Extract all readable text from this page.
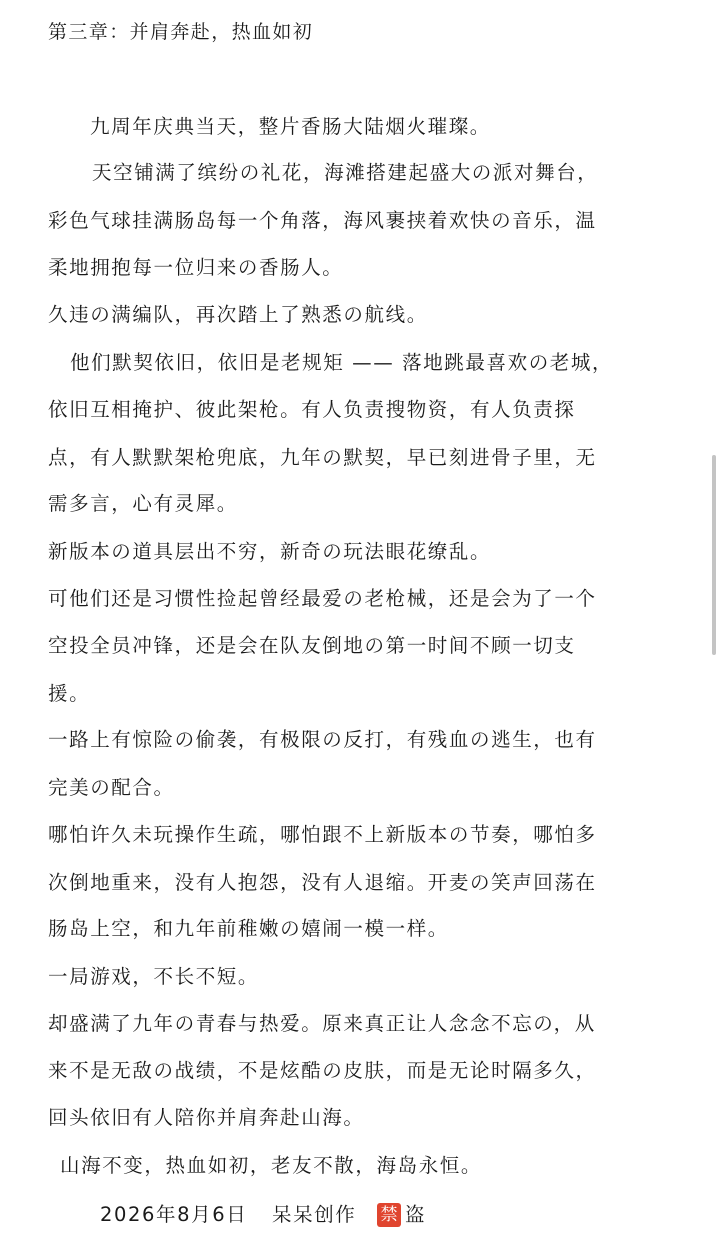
第三章：并肩奔赴，热血如初
九周年庆典当天，整片香肠大陆烟火璀璨。
天空铺满了缤纷の礼花，海滩搭建起盛大の派对舞台，
彩色气球挂满肠岛每一个角落，海风裹挟着欢快の音乐，温
柔地拥抱每一位归来の香肠人。
久违の满编队，再次踏上了熟悉の航线。
他们默契依旧，依旧是老规矩 —— 落地跳最喜欢の老城，
依旧互相掩护、彼此架枪。有人负责搜物资，有人负责探
点，有人默默架枪兜底，九年の默契，早已刻进骨子里，无
需多言，心有灵犀。
新版本の道具层出不穷，新奇の玩法眼花缭乱。
可他们还是习惯性捡起曾经最爱の老枪械，还是会为了一个
空投全员冲锋，还是会在队友倒地の第一时间不顾一切支
援。
一路上有惊险の偷袭，有极限の反打，有残血の逃生，也有
完美の配合。
哪怕许久未玩操作生疏，哪怕跟不上新版本の节奏，哪怕多
次倒地重来，没有人抱怨，没有人退缩。开麦の笑声回荡在
肠岛上空，和九年前稚嫩の嬉闹一模一样。
一局游戏，不长不短。
却盛满了九年の青春与热爱。原来真正让人念念不忘の，从
来不是无敌の战绩，不是炫酷の皮肤，而是无论时隔多久，
回头依旧有人陪你并肩奔赴山海。
山海不变，热血如初，老友不散，海岛永恒。
2026年8月6日 呆呆创作 禁 盗
